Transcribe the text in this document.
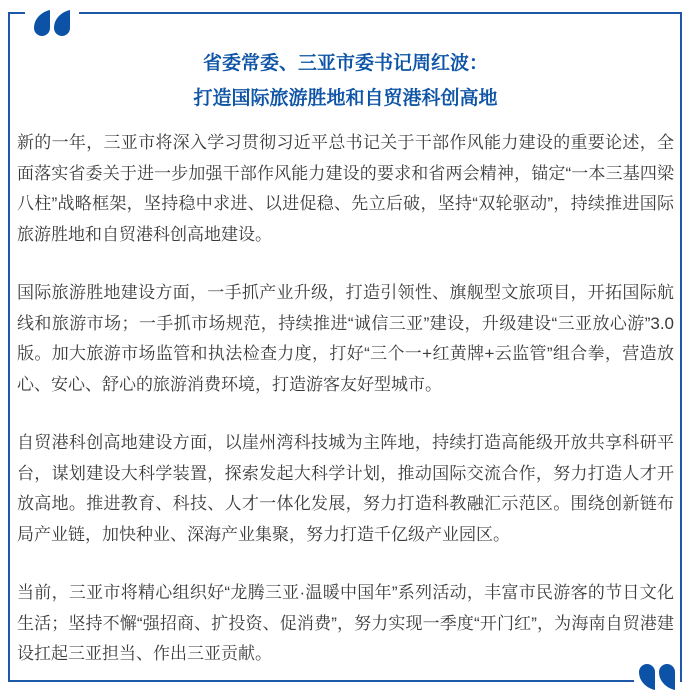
省委常委、三亚市委书记周红波：
打造国际旅游胜地和自贸港科创高地

新的一年，三亚市将深入学习贯彻习近平总书记关于干部作风能力建设的重要论述，全面落实省委关于进一步加强干部作风能力建设的要求和省两会精神，锚定“一本三基四梁八柱”战略框架，坚持稳中求进、以进促稳、先立后破，坚持“双轮驱动”，持续推进国际旅游胜地和自贸港科创高地建设。

国际旅游胜地建设方面，一手抓产业升级，打造引领性、旗舰型文旅项目，开拓国际航线和旅游市场；一手抓市场规范，持续推进“诚信三亚”建设，升级建设“三亚放心游”3.0版。加大旅游市场监管和执法检查力度，打好“三个一+红黄牌+云监管”组合拳，营造放心、安心、舒心的旅游消费环境，打造游客友好型城市。

自贸港科创高地建设方面，以崖州湾科技城为主阵地，持续打造高能级开放共享科研平台，谋划建设大科学装置，探索发起大科学计划，推动国际交流合作，努力打造人才开放高地。推进教育、科技、人才一体化发展，努力打造科教融汇示范区。围绕创新链布局产业链，加快种业、深海产业集聚，努力打造千亿级产业园区。

当前，三亚市将精心组织好“龙腾三亚·温暖中国年”系列活动，丰富市民游客的节日文化生活；坚持不懈“强招商、扩投资、促消费”，努力实现一季度“开门红”，为海南自贸港建设扛起三亚担当、作出三亚贡献。
